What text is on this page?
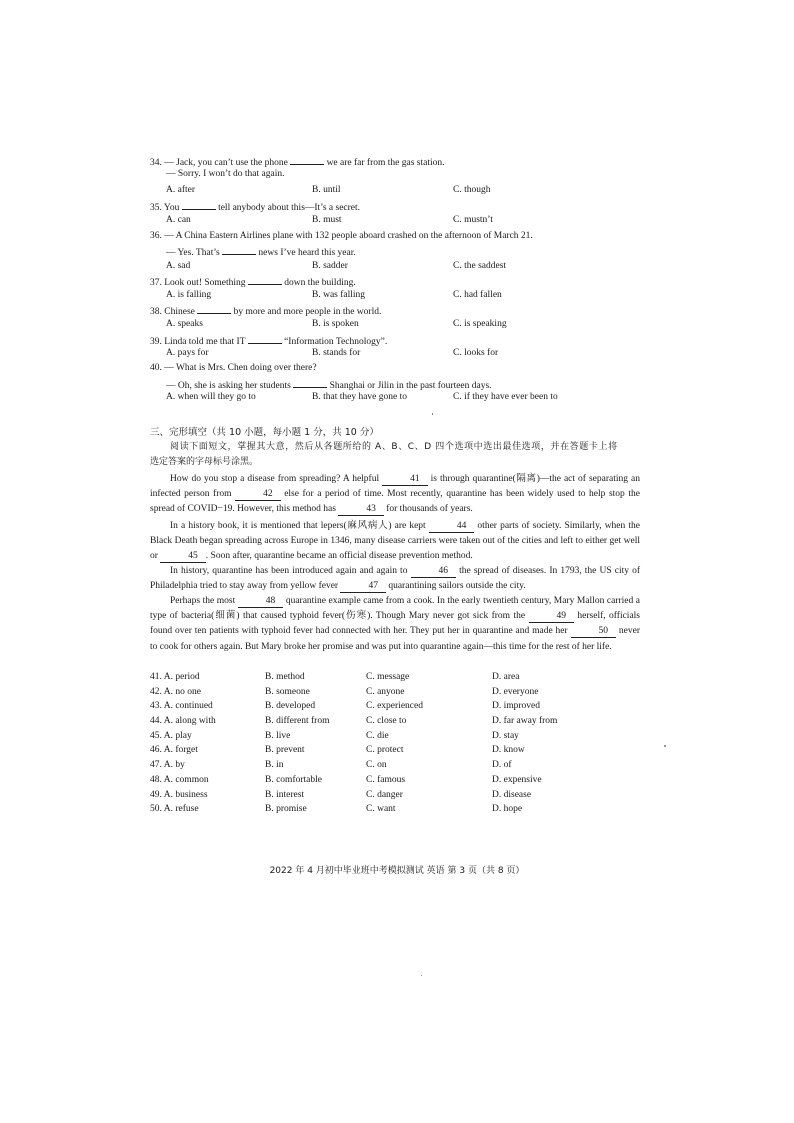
34. — Jack, you can’t use the phone	we are far from the gas station.
— Sorry. I won’t do that again.
A. after	B. until	C. though
35. You	tell anybody about this—It’s a secret.
A. can	B. must	C. mustn’t
36. — A China Eastern Airlines plane with 132 people aboard crashed on the afternoon of March 21.
— Yes. That’s	news I’ve heard this year.
A. sad	B. sadder	C. the saddest
37. Look out! Something	down the building.
A. is falling	B. was falling	C. had fallen
38. Chinese	by more and more people in the world.
A. speaks	B. is spoken	C. is speaking
39. Linda told me that IT	“Information Technology”.
A. pays for	B. stands for	C. looks for
40. — What is Mrs. Chen doing over there?
— Oh, she is asking her students	Shanghai or Jilin in the past fourteen days.
A. when will they go to	B. that they have gone to	C. if they have ever been to
三、完形填空（共 10 小题，每小题 1 分，共 10 分）
阅读下面短文，掌握其大意，然后从各题所给的 A、B、C、D 四个选项中选出最佳选项，并在答题卡上将
选定答案的字母标号涂黑。
How do you stop a disease from spreading? A helpful	41 is through quarantine(隔离)—the act of separating an infected person from	42 else for a period of time. Most recently, quarantine has been widely used to help stop the spread of COVID−19. However, this method has	43 for thousands of years.
In a history book, it is mentioned that lepers(麻风病人) are kept	44 other parts of society. Similarly, when the Black Death began spreading across Europe in 1346, many disease carriers were taken out of the cities and left to either get well or	45 . Soon after, quarantine became an official disease prevention method.
In history, quarantine has been introduced again and again to	46 the spread of diseases. In 1793, the US city of Philadelphia tried to stay away from yellow fever	47 quarantining sailors outside the city.
Perhaps the most	48 quarantine example came from a cook. In the early twentieth century, Mary Mallon carried a type of bacteria(细菌) that caused typhoid fever(伤寒). Though Mary never got sick from the	49 herself, officials found over ten patients with typhoid fever had connected with her. They put her in quarantine and made her	50 never to cook for others again. But Mary broke her promise and was put into quarantine again—this time for the rest of her life.
41. A. period	B. method	C. message	D. area
42. A. no one	B. someone	C. anyone	D. everyone
43. A. continued	B. developed	C. experienced	D. improved
44. A. along with	B. different from	C. close to	D. far away from
45. A. play	B. live	C. die	D. stay
46. A. forget	B. prevent	C. protect	D. know
47. A. by	B. in	C. on	D. of
48. A. common	B. comfortable	C. famous	D. expensive
49. A. business	B. interest	C. danger	D. disease
50. A. refuse	B. promise	C. want	D. hope
2022 年 4 月初中毕业班中考模拟测试 英语 第 3 页（共 8 页）
